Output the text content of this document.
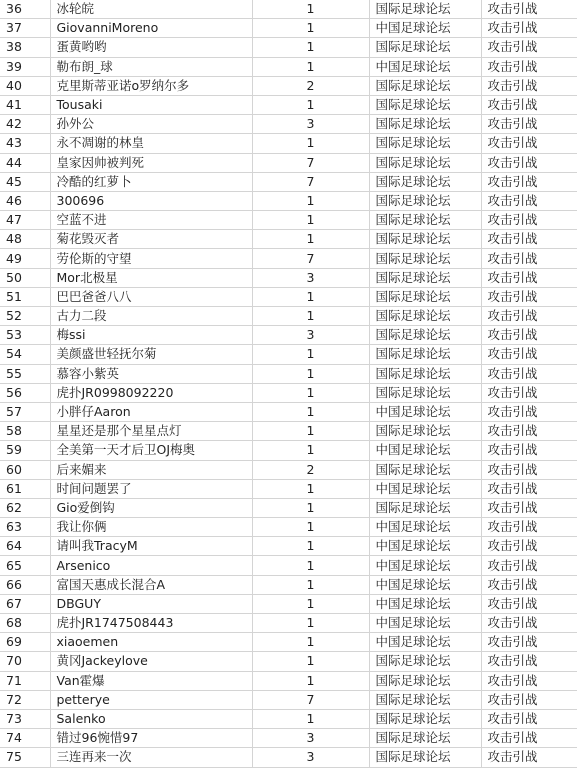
36	冰轮皖	1	国际足球论坛	攻击引战
37	GiovanniMoreno	1	中国足球论坛	攻击引战
38	蛋黄哟哟	1	国际足球论坛	攻击引战
39	勒布朗_球	1	中国足球论坛	攻击引战
40	克里斯蒂亚诺o罗纳尔多	2	国际足球论坛	攻击引战
41	Tousaki	1	国际足球论坛	攻击引战
42	孙外公	3	国际足球论坛	攻击引战
43	永不凋谢的林皇	1	国际足球论坛	攻击引战
44	皇家因帅被判死	7	国际足球论坛	攻击引战
45	冷酷的红萝卜	7	国际足球论坛	攻击引战
46	300696	1	国际足球论坛	攻击引战
47	空蓝不进	1	国际足球论坛	攻击引战
48	菊花毁灭者	1	国际足球论坛	攻击引战
49	劳伦斯的守望	7	国际足球论坛	攻击引战
50	Mor北极星	3	国际足球论坛	攻击引战
51	巴巴爸爸八八	1	国际足球论坛	攻击引战
52	古力二段	1	国际足球论坛	攻击引战
53	梅ssi	3	国际足球论坛	攻击引战
54	美颜盛世轻抚尔菊	1	国际足球论坛	攻击引战
55	慕容小紫英	1	国际足球论坛	攻击引战
56	虎扑JR0998092220	1	国际足球论坛	攻击引战
57	小胖仔Aaron	1	中国足球论坛	攻击引战
58	星星还是那个星星点灯	1	国际足球论坛	攻击引战
59	全美第一天才后卫OJ梅奥	1	中国足球论坛	攻击引战
60	后来媚来	2	国际足球论坛	攻击引战
61	时间问题罢了	1	中国足球论坛	攻击引战
62	Gio爱倒钩	1	国际足球论坛	攻击引战
63	我让你俩	1	中国足球论坛	攻击引战
64	请叫我TracyM	1	中国足球论坛	攻击引战
65	Arsenico	1	中国足球论坛	攻击引战
66	富国天惠成长混合A	1	中国足球论坛	攻击引战
67	DBGUY	1	中国足球论坛	攻击引战
68	虎扑JR1747508443	1	中国足球论坛	攻击引战
69	xiaoemen	1	中国足球论坛	攻击引战
70	黄冈Jackeylove	1	国际足球论坛	攻击引战
71	Van霍爆	1	国际足球论坛	攻击引战
72	petterye	7	国际足球论坛	攻击引战
73	Salenko	1	国际足球论坛	攻击引战
74	错过96惋惜97	3	国际足球论坛	攻击引战
75	三连再来一次	3	国际足球论坛	攻击引战
